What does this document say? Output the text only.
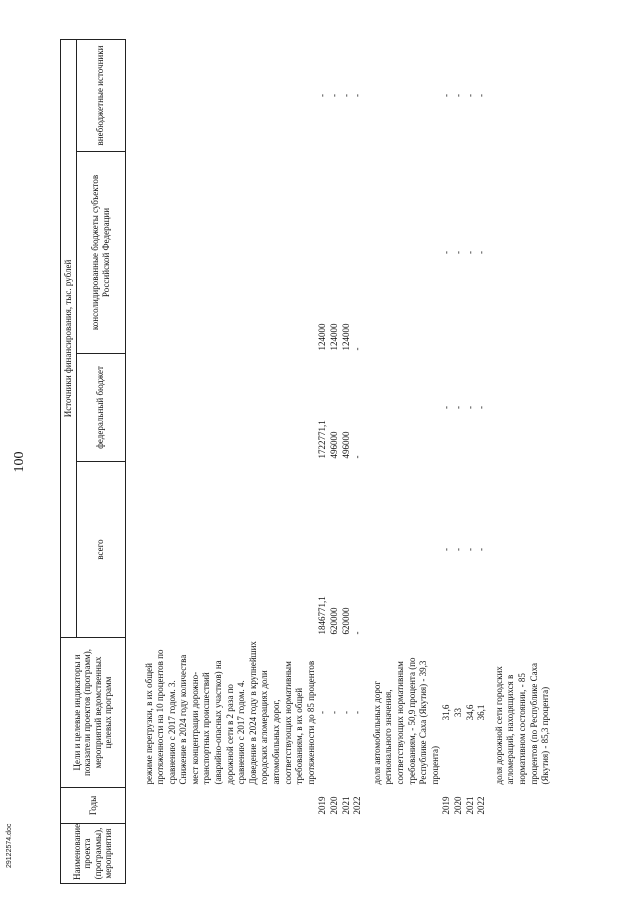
100
Наименование проекта (программы), мероприятия	Годы	Цели и целевые индикаторы и показатели проектов (программ), мероприятий ведомственных целевых программ	Источники финансирования, тыс. рублей			
			всего	федеральный бюджет	консолидированные бюджеты субъектов Российской Федерации	внебюджетные источники
		режиме перегрузки, в их общей протяженности на 10 процентов по сравнению с 2017 годом. 3. Снижение в 2024 году количества мест концентрации дорожно-транспортных происшествий (аварийно-опасных участков) на дорожной сети в 2 раза по сравнению с 2017 годом. 4. Доведение в 2024 году в крупнейших городских агломерациях доли автомобильных дорог, соответствующих нормативным требованиям, в их общей протяженности до 85 процентов				
	2019	-	1846771,1	1722771,1	124000	-
	2020	-	620000	496000	124000	-
	2021	-	620000	496000	124000	-
	2022	-	-	-	-	-
		доля автомобильных дорог регионального значения, соответствующих нормативным требованиям, - 50,9 процента (по Республике Саха (Якутия) - 39,3 процента)				
	2019	31,6	-	-	-	-
	2020	33	-	-	-	-
	2021	34,6	-	-	-	-
	2022	36,1	-	-	-	-
		доля дорожной сети городских агломераций, находящихся в нормативном состоянии, - 85 процентов (по Республике Саха (Якутия) - 85,3 процента)				
29122574.doc
